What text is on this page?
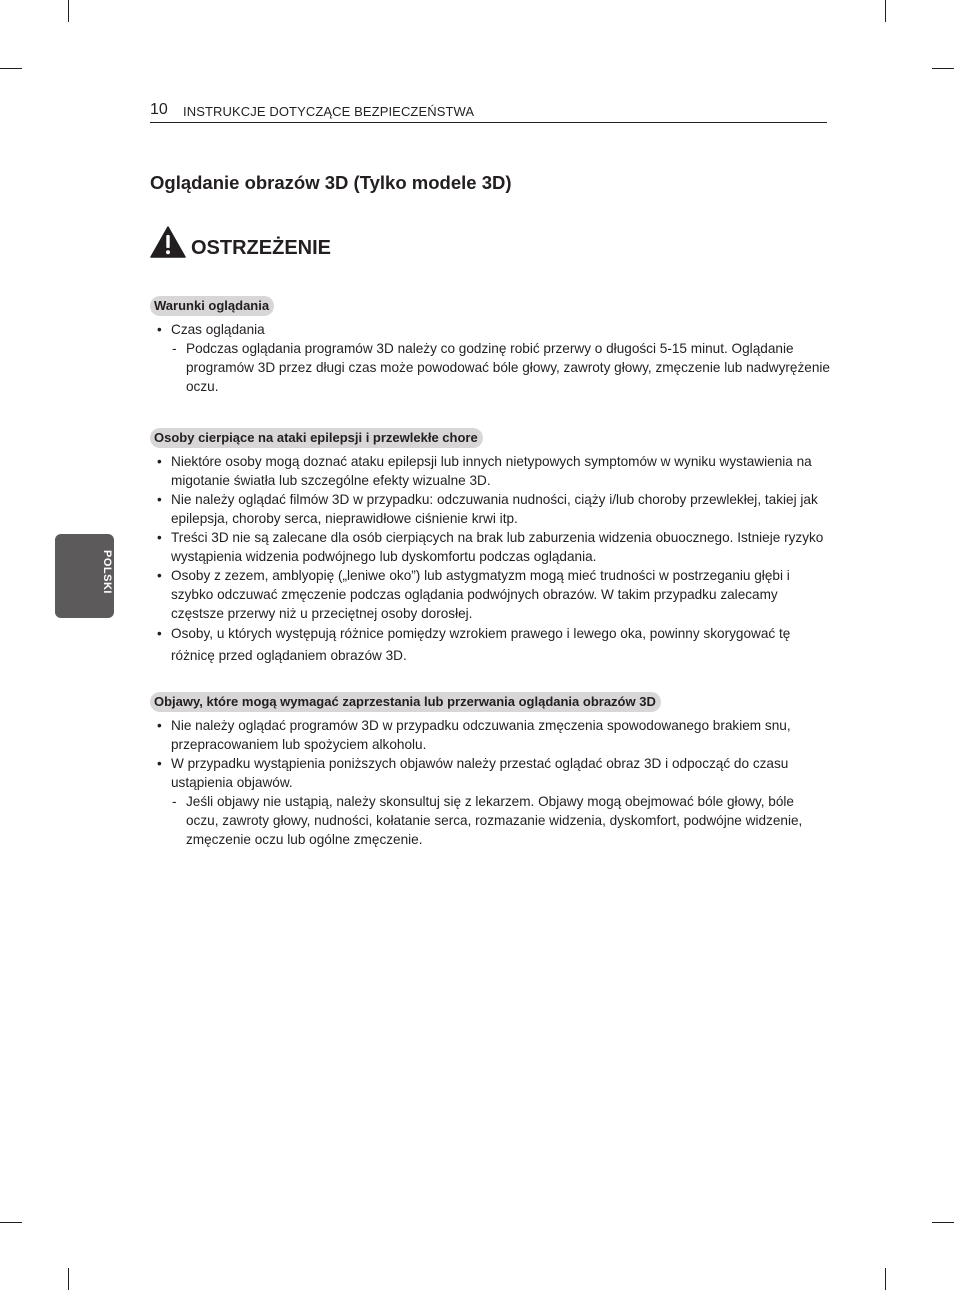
10 INSTRUKCJE DOTYCZĄCE BEZPIECZEŃSTWA
Oglądanie obrazów 3D (Tylko modele 3D)
OSTRZEŻENIE
POLSKI
Warunki oglądania
• Czas oglądania
- Podczas oglądania programów 3D należy co godzinę robić przerwy o długości 5-15 minut. Oglądanie programów 3D przez długi czas może powodować bóle głowy, zawroty głowy, zmęczenie lub nadwyrężenie oczu.
Osoby cierpiące na ataki epilepsji i przewlekłe chore
• Niektóre osoby mogą doznać ataku epilepsji lub innych nietypowych symptomów w wyniku wystawienia na migotanie światła lub szczególne efekty wizualne 3D.
• Nie należy oglądać filmów 3D w przypadku: odczuwania nudności, ciąży i/lub choroby przewlekłej, takiej jak epilepsja, choroby serca, nieprawidłowe ciśnienie krwi itp.
• Treści 3D nie są zalecane dla osób cierpiących na brak lub zaburzenia widzenia obuocznego. Istnieje ryzyko wystąpienia widzenia podwójnego lub dyskomfortu podczas oglądania.
• Osoby z zezem, amblyopię („leniwe oko”) lub astygmatyzm mogą mieć trudności w postrzeganiu głębi i szybko odczuwać zmęczenie podczas oglądania podwójnych obrazów. W takim przypadku zalecamy częstsze przerwy niż u przeciętnej osoby dorosłej.
• Osoby, u których występują różnice pomiędzy wzrokiem prawego i lewego oka, powinny skorygować tę różnicę przed oglądaniem obrazów 3D.
Objawy, które mogą wymagać zaprzestania lub przerwania oglądania obrazów 3D
• Nie należy oglądać programów 3D w przypadku odczuwania zmęczenia spowodowanego brakiem snu, przepracowaniem lub spożyciem alkoholu.
• W przypadku wystąpienia poniższych objawów należy przestać oglądać obraz 3D i odpocząć do czasu ustąpienia objawów.
- Jeśli objawy nie ustąpią, należy skonsultuj się z lekarzem. Objawy mogą obejmować bóle głowy, bóle oczu, zawroty głowy, nudności, kołatanie serca, rozmazanie widzenia, dyskomfort, podwójne widzenie, zmęczenie oczu lub ogólne zmęczenie.
